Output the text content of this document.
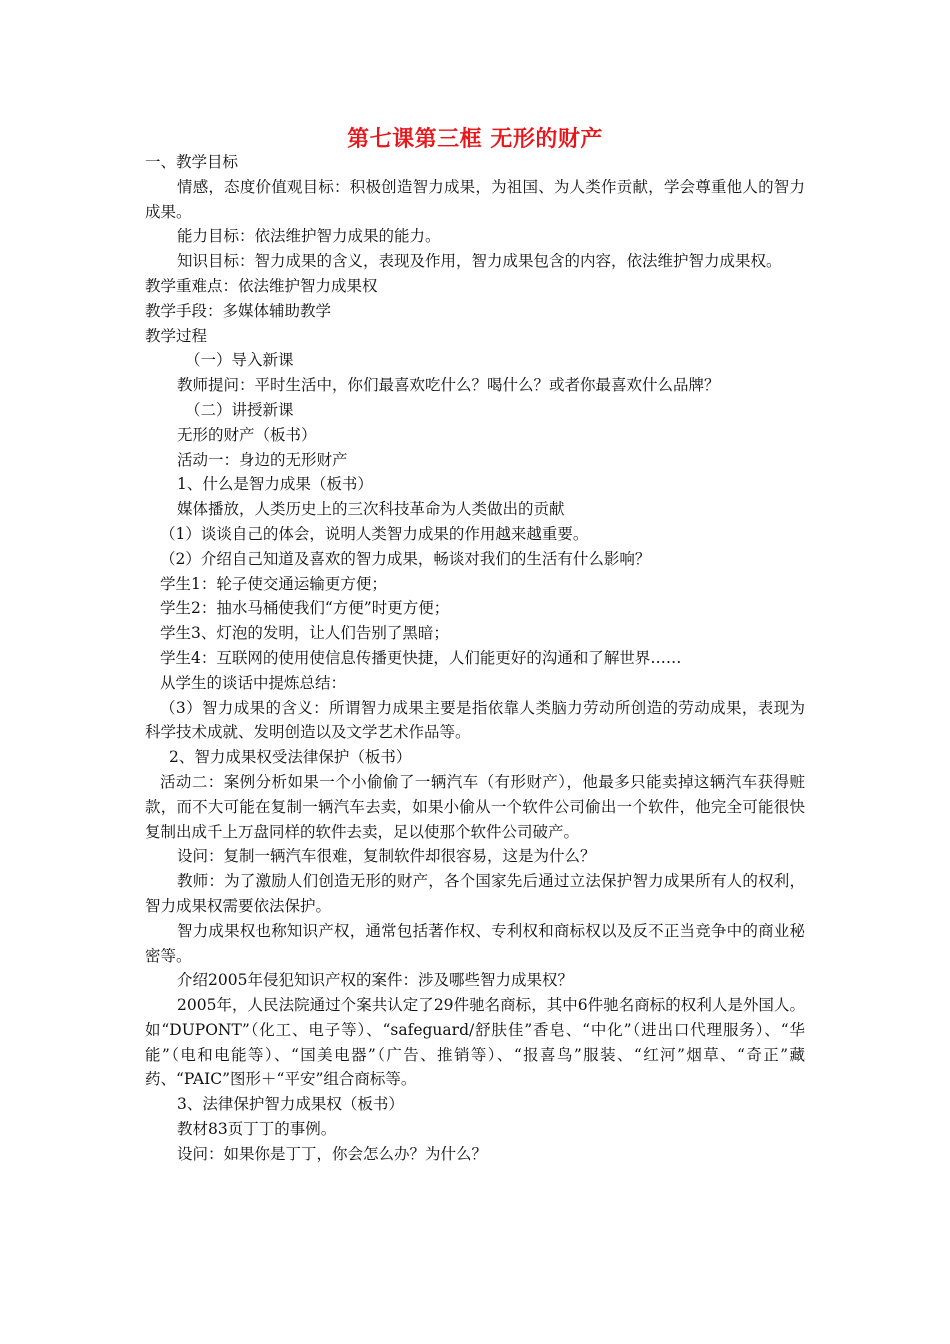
第七课第三框 无形的财产
一、教学目标
情感，态度价值观目标：积极创造智力成果，为祖国、为人类作贡献，学会尊重他人的智力成果。
能力目标：依法维护智力成果的能力。
知识目标：智力成果的含义，表现及作用，智力成果包含的内容，依法维护智力成果权。
教学重难点：依法维护智力成果权
教学手段：多媒体辅助教学
教学过程
（一）导入新课
教师提问：平时生活中，你们最喜欢吃什么？喝什么？或者你最喜欢什么品牌？
（二）讲授新课
无形的财产（板书）
活动一：身边的无形财产
1、什么是智力成果（板书）
媒体播放，人类历史上的三次科技革命为人类做出的贡献
（1）谈谈自己的体会，说明人类智力成果的作用越来越重要。
（2）介绍自己知道及喜欢的智力成果，畅谈对我们的生活有什么影响？
学生1：轮子使交通运输更方便；
学生2：抽水马桶使我们“方便”时更方便；
学生3、灯泡的发明，让人们告别了黑暗；
学生4：互联网的使用使信息传播更快捷，人们能更好的沟通和了解世界……
从学生的谈话中提炼总结：
（3）智力成果的含义：所谓智力成果主要是指依靠人类脑力劳动所创造的劳动成果，表现为科学技术成就、发明创造以及文学艺术作品等。
2、智力成果权受法律保护（板书）
活动二：案例分析如果一个小偷偷了一辆汽车（有形财产），他最多只能卖掉这辆汽车获得赃款，而不大可能在复制一辆汽车去卖，如果小偷从一个软件公司偷出一个软件，他完全可能很快复制出成千上万盘同样的软件去卖，足以使那个软件公司破产。
设问：复制一辆汽车很难，复制软件却很容易，这是为什么？
教师：为了激励人们创造无形的财产，各个国家先后通过立法保护智力成果所有人的权利，智力成果权需要依法保护。
智力成果权也称知识产权，通常包括著作权、专利权和商标权以及反不正当竞争中的商业秘密等。
介绍2005年侵犯知识产权的案件：涉及哪些智力成果权？
2005年，人民法院通过个案共认定了29件驰名商标，其中6件驰名商标的权利人是外国人。如“DUPONT”（化工、电子等）、“safeguard/舒肤佳”香皂、“中化”（进出口代理服务）、“华能”（电和电能等）、“国美电器”（广告、推销等）、“报喜鸟”服装、“红河”烟草、“奇正”藏药、“PAIC”图形＋“平安”组合商标等。
3、法律保护智力成果权（板书）
教材83页丁丁的事例。
设问：如果你是丁丁，你会怎么办？为什么？
